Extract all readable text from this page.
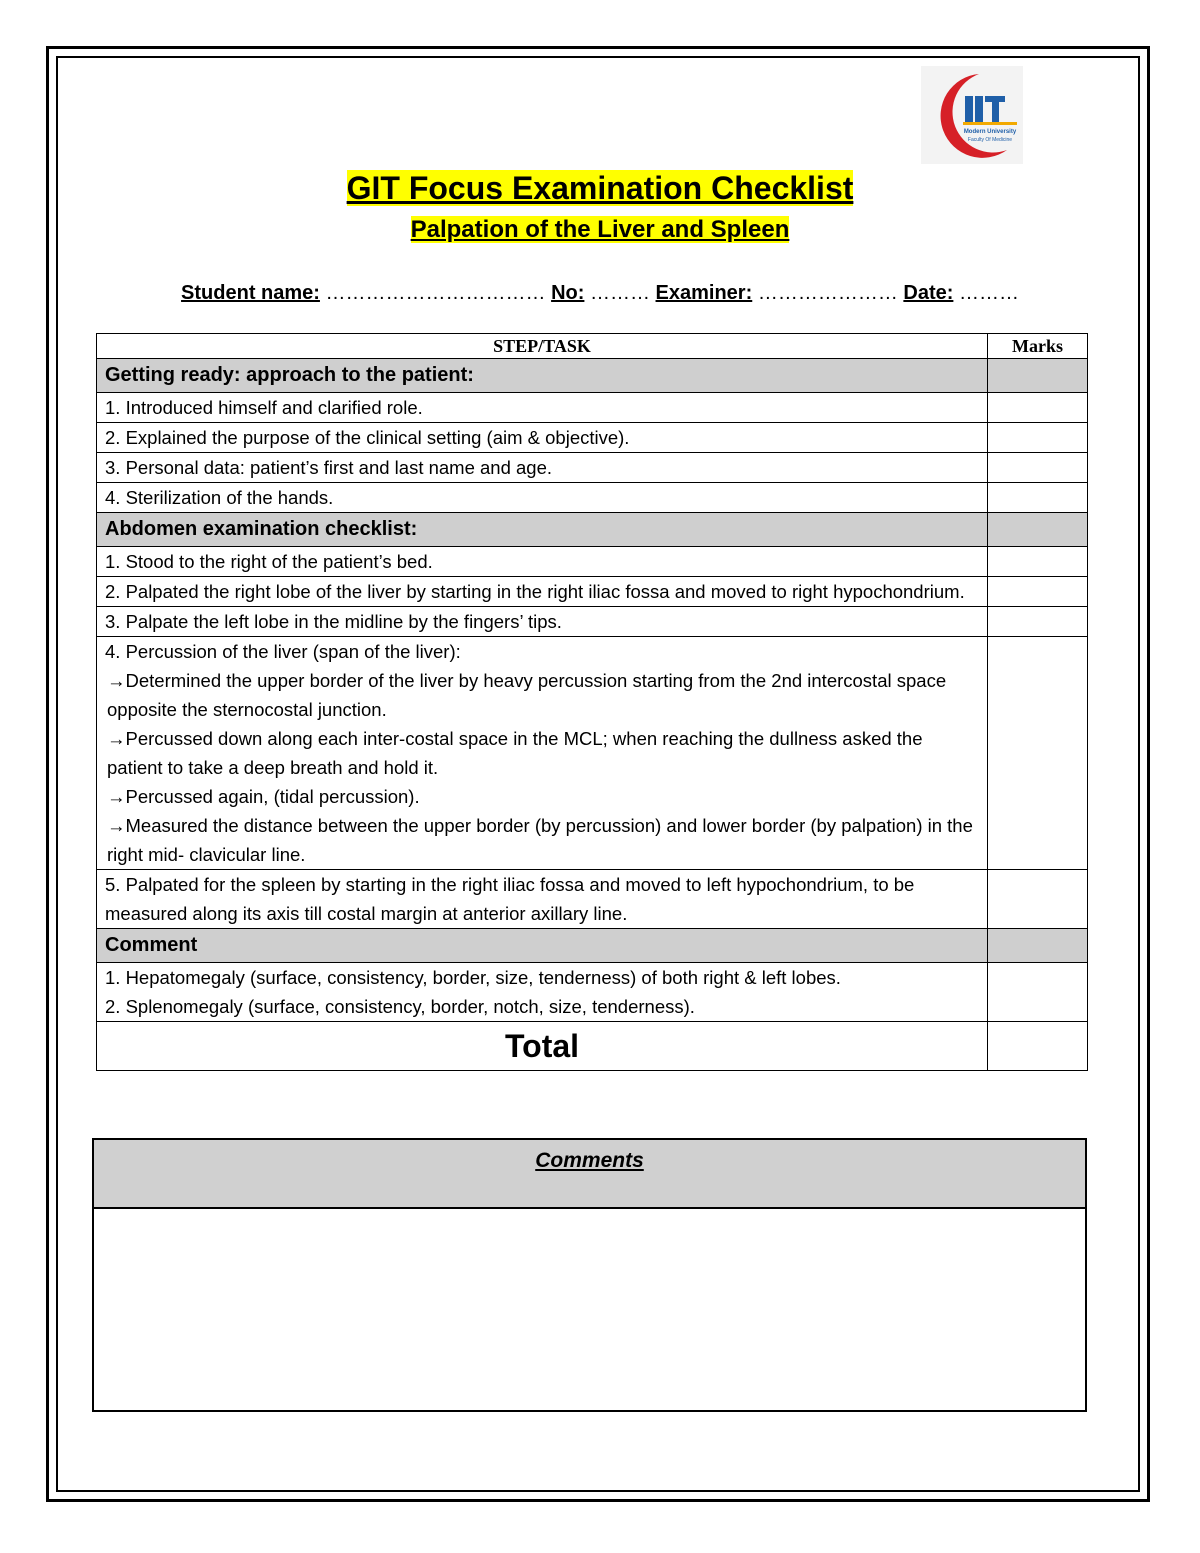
Modern University
Faculty Of Medicine
GIT Focus Examination Checklist
Palpation of the Liver and Spleen
Student name: …………………………… No: ……… Examiner: ………………… Date: ………
STEP/TASK	Marks
Getting ready: approach to the patient:	
1. Introduced himself and clarified role.	
2. Explained the purpose of the clinical setting (aim & objective).	
3. Personal data: patient’s first and last name and age.	
4. Sterilization of the hands.	
Abdomen examination checklist:	
1. Stood to the right of the patient’s bed.	
2. Palpated the right lobe of the liver by starting in the right iliac fossa and moved to right hypochondrium.	
3. Palpate the left lobe in the midline by the fingers’ tips.	

4. Percussion of the liver (span of the liver):
→Determined the upper border of the liver by heavy percussion starting from the 2nd intercostal space opposite the sternocostal junction.
→Percussed down along each inter-costal space in the MCL; when reaching the dullness asked the patient to take a deep breath and hold it.
→Percussed again, (tidal percussion).
→Measured the distance between the upper border (by percussion) and lower border (by palpation) in the right mid- clavicular line.	

5. Palpated for the spleen by starting in the right iliac fossa and moved to left hypochondrium, to be measured along its axis till costal margin at anterior axillary line.	
Comment	

1. Hepatomegaly (surface, consistency, border, size, tenderness) of both right & left lobes.
2. Splenomegaly (surface, consistency, border, notch, size, tenderness).	

Total	
Comments
